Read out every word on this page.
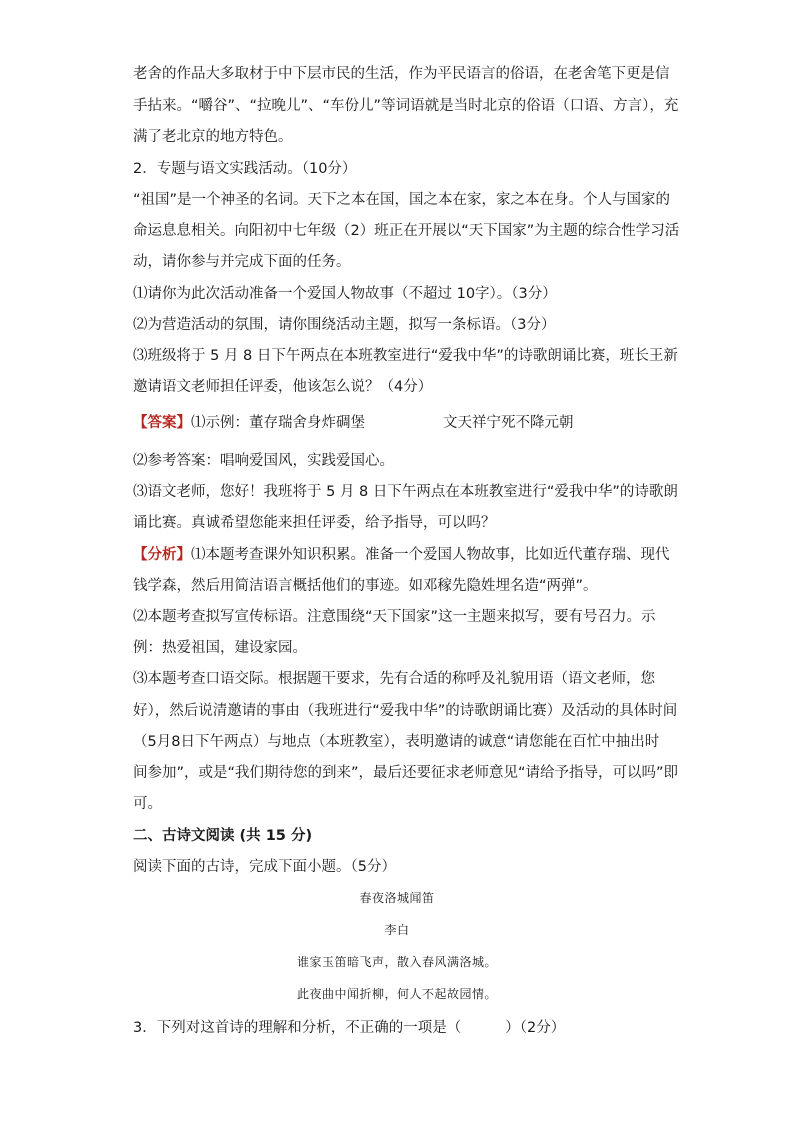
老舍的作品大多取材于中下层市民的生活，作为平民语言的俗语，在老舍笔下更是信
手拈来。“嚼谷”、“拉晚儿”、“车份儿”等词语就是当时北京的俗语（口语、方言），充
满了老北京的地方特色。
2．专题与语文实践活动。（10分）
“祖国”是一个神圣的名词。天下之本在国，国之本在家，家之本在身。个人与国家的
命运息息相关。向阳初中七年级（2）班正在开展以“天下国家”为主题的综合性学习活
动，请你参与并完成下面的任务。
⑴请你为此次活动准备一个爱国人物故事（不超过 10字）。（3分）
⑵为营造活动的氛围，请你围绕活动主题，拟写一条标语。（3分）
⑶班级将于 5 月 8 日下午两点在本班教室进行“爱我中华”的诗歌朗诵比赛，班长王新
邀请语文老师担任评委，他该怎么说？（4分）
【答案】⑴示例：董存瑞舍身炸碉堡	文天祥宁死不降元朝
⑵参考答案：唱响爱国风，实践爱国心。
⑶语文老师，您好！我班将于 5 月 8 日下午两点在本班教室进行“爱我中华”的诗歌朗
诵比赛。真诚希望您能来担任评委，给予指导，可以吗？
【分析】⑴本题考查课外知识积累。准备一个爱国人物故事，比如近代董存瑞、现代
钱学森，然后用简洁语言概括他们的事迹。如邓稼先隐姓埋名造“两弹”。
⑵本题考查拟写宣传标语。注意围绕“天下国家”这一主题来拟写，要有号召力。示
例：热爱祖国，建设家园。
⑶本题考查口语交际。根据题干要求，先有合适的称呼及礼貌用语（语文老师，您
好），然后说清邀请的事由（我班进行“爱我中华”的诗歌朗诵比赛）及活动的具体时间
（5月8日下午两点）与地点（本班教室），表明邀请的诚意“请您能在百忙中抽出时
间参加”，或是“我们期待您的到来”，最后还要征求老师意见“请给予指导，可以吗”即
可。
二、古诗文阅读 (共 15 分)
阅读下面的古诗，完成下面小题。（5分）
春夜洛城闻笛
李白
谁家玉笛暗飞声，散入春风满洛城。
此夜曲中闻折柳，何人不起故园情。
3．下列对这首诗的理解和分析，不正确的一项是（	）（2分）
